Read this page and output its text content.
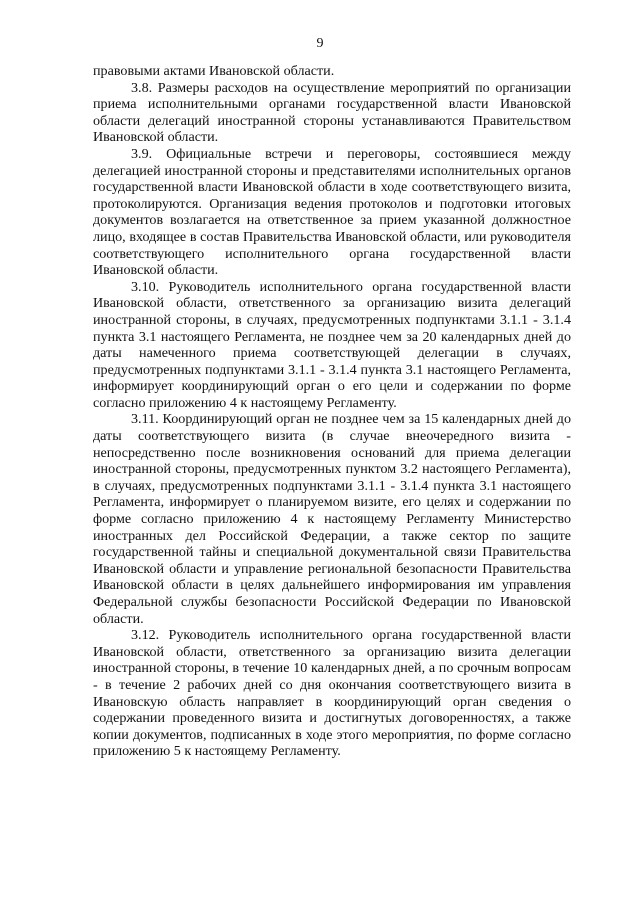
9

правовыми актами Ивановской области.

3.8. Размеры расходов на осуществление мероприятий по организации приема исполнительными органами государственной власти Ивановской области делегаций иностранной стороны устанавливаются Правительством Ивановской области.

3.9. Официальные встречи и переговоры, состоявшиеся между делегацией иностранной стороны и представителями исполнительных органов государственной власти Ивановской области в ходе соответствующего визита, протоколируются. Организация ведения протоколов и подготовки итоговых документов возлагается на ответственное за прием указанной должностное лицо, входящее в состав Правительства Ивановской области, или руководителя соответствующего исполнительного органа государственной власти Ивановской области.

3.10. Руководитель исполнительного органа государственной власти Ивановской области, ответственного за организацию визита делегаций иностранной стороны, в случаях, предусмотренных подпунктами 3.1.1 - 3.1.4 пункта 3.1 настоящего Регламента, не позднее чем за 20 календарных дней до даты намеченного приема соответствующей делегации в случаях, предусмотренных подпунктами 3.1.1 - 3.1.4 пункта 3.1 настоящего Регламента, информирует координирующий орган о его цели и содержании по форме согласно приложению 4 к настоящему Регламенту.

3.11. Координирующий орган не позднее чем за 15 календарных дней до даты соответствующего визита (в случае внеочередного визита - непосредственно после возникновения оснований для приема делегации иностранной стороны, предусмотренных пунктом 3.2 настоящего Регламента), в случаях, предусмотренных подпунктами 3.1.1 - 3.1.4 пункта 3.1 настоящего Регламента, информирует о планируемом визите, его целях и содержании по форме согласно приложению 4 к настоящему Регламенту Министерство иностранных дел Российской Федерации, а также сектор по защите государственной тайны и специальной документальной связи Правительства Ивановской области и управление региональной безопасности Правительства Ивановской области в целях дальнейшего информирования им управления Федеральной службы безопасности Российской Федерации по Ивановской области.

3.12. Руководитель исполнительного органа государственной власти Ивановской области, ответственного за организацию визита делегации иностранной стороны, в течение 10 календарных дней, а по срочным вопросам - в течение 2 рабочих дней со дня окончания соответствующего визита в Ивановскую область направляет в координирующий орган сведения о содержании проведенного визита и достигнутых договоренностях, а также копии документов, подписанных в ходе этого мероприятия, по форме согласно приложению 5 к настоящему Регламенту.
